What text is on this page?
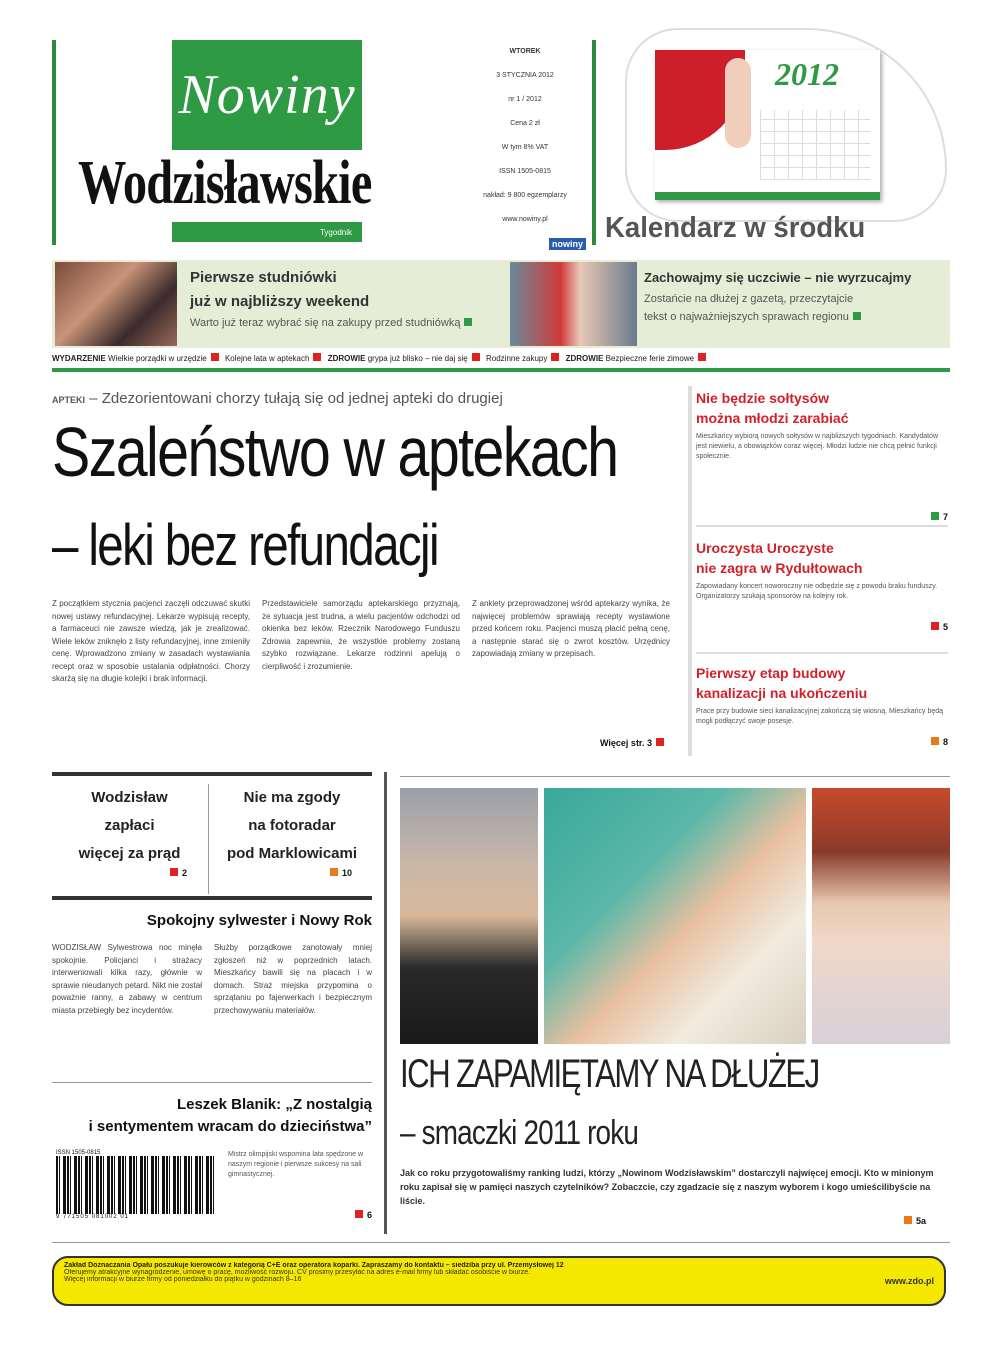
Nowiny
Wodzisławskie
Tygodnik
WTOREK
3 STYCZNIA 2012
nr 1 / 2012
Cena 2 zł
W tym 8% VAT
ISSN 1505-0815
nakład: 9 800 egzemplarzy
www.nowiny.pl
nowiny
2012
Kalendarz w środku
Pierwsze studniówki
już w najbliższy weekend
Warto już teraz wybrać się na zakupy przed studniówką
Zachowajmy się uczciwie – nie wyrzucajmy
Zostańcie na dłużej z gazetą, przeczytajcie
tekst o najważniejszych sprawach regionu
WYDARZENIE Wielkie porządki w urzędzie Kolejne lata w aptekach ZDROWIE grypa już blisko – nie daj się Rodzinne zakupy ZDROWIE Bezpieczne ferie zimowe
APTEKI – Zdezorientowani chorzy tułają się od jednej apteki do drugiej
Szaleństwo w aptekach
– leki bez refundacji
Z początkiem stycznia pacjenci zaczęli odczuwać skutki nowej ustawy refundacyjnej. Lekarze wypisują recepty, a farmaceuci nie zawsze wiedzą, jak je zrealizować. Wiele leków zniknęło z listy refundacyjnej, inne zmieniły cenę. Wprowadzono zmiany w zasadach wystawiania recept oraz w sposobie ustalania odpłatności. Chorzy skarżą się na długie kolejki i brak informacji.
Przedstawiciele samorządu aptekarskiego przyznają, że sytuacja jest trudna, a wielu pacjentów odchodzi od okienka bez leków. Rzecznik Narodowego Funduszu Zdrowia zapewnia, że wszystkie problemy zostaną szybko rozwiązane. Lekarze rodzinni apelują o cierpliwość i zrozumienie.
Z ankiety przeprowadzonej wśród aptekarzy wynika, że najwięcej problemów sprawiają recepty wystawione przed końcem roku. Pacjenci muszą płacić pełną cenę, a następnie starać się o zwrot kosztów. Urzędnicy zapowiadają zmiany w przepisach.
Więcej str. 3
Nie będzie sołtysów
można młodzi zarabiać
Mieszkańcy wybiorą nowych sołtysów w najbliższych tygodniach. Kandydatów jest niewielu, a obowiązków coraz więcej. Młodzi ludzie nie chcą pełnić funkcji społecznie.
7
Uroczysta Uroczyste
nie zagra w Rydułtowach
Zapowiadany koncert noworoczny nie odbędzie się z powodu braku funduszy. Organizatorzy szukają sponsorów na kolejny rok.
5
Pierwszy etap budowy
kanalizacji na ukończeniu
Prace przy budowie sieci kanalizacyjnej zakończą się wiosną. Mieszkańcy będą mogli podłączyć swoje posesje.
8
Wodzisław
zapłaci
więcej za prąd
2
Nie ma zgody
na fotoradar
pod Marklowicami
10
Spokojny sylwester i Nowy Rok
WODZISŁAW Sylwestrowa noc minęła spokojnie. Policjanci i strażacy interweniowali kilka razy, głównie w sprawie nieudanych petard. Nikt nie został poważnie ranny, a zabawy w centrum miasta przebiegły bez incydentów.
Służby porządkowe zanotowały mniej zgłoszeń niż w poprzednich latach. Mieszkańcy bawili się na placach i w domach. Straż miejska przypomina o sprzątaniu po fajerwerkach i bezpiecznym przechowywaniu materiałów.
Leszek Blanik: „Z nostalgią
i sentymentem wracam do dzieciństwa”
ISSN 1505-0815
9 771505 081002 01
Mistrz olimpijski wspomina lata spędzone w naszym regionie i pierwsze sukcesy na sali gimnastycznej.
6
ICH ZAPAMIĘTAMY NA DŁUŻEJ
– smaczki 2011 roku
Jak co roku przygotowaliśmy ranking ludzi, którzy „Nowinom Wodzisławskim” dostarczyli najwięcej emocji. Kto w minionym roku zapisał się w pamięci naszych czytelników? Zobaczcie, czy zgadzacie się z naszym wyborem i kogo umieścilibyście na liście.
5a
Zakład Doznaczania Opału poszukuje kierowców z kategorią C+E oraz operatora koparki. Zapraszamy do kontaktu – siedziba przy ul. Przemysłowej 12
Oferujemy atrakcyjne wynagrodzenie, umowę o pracę, możliwość rozwoju. CV prosimy przesyłać na adres e-mail firmy lub składać osobiście w biurze.
Więcej informacji w biurze firmy od poniedziałku do piątku w godzinach 8–16	www.zdo.pl
